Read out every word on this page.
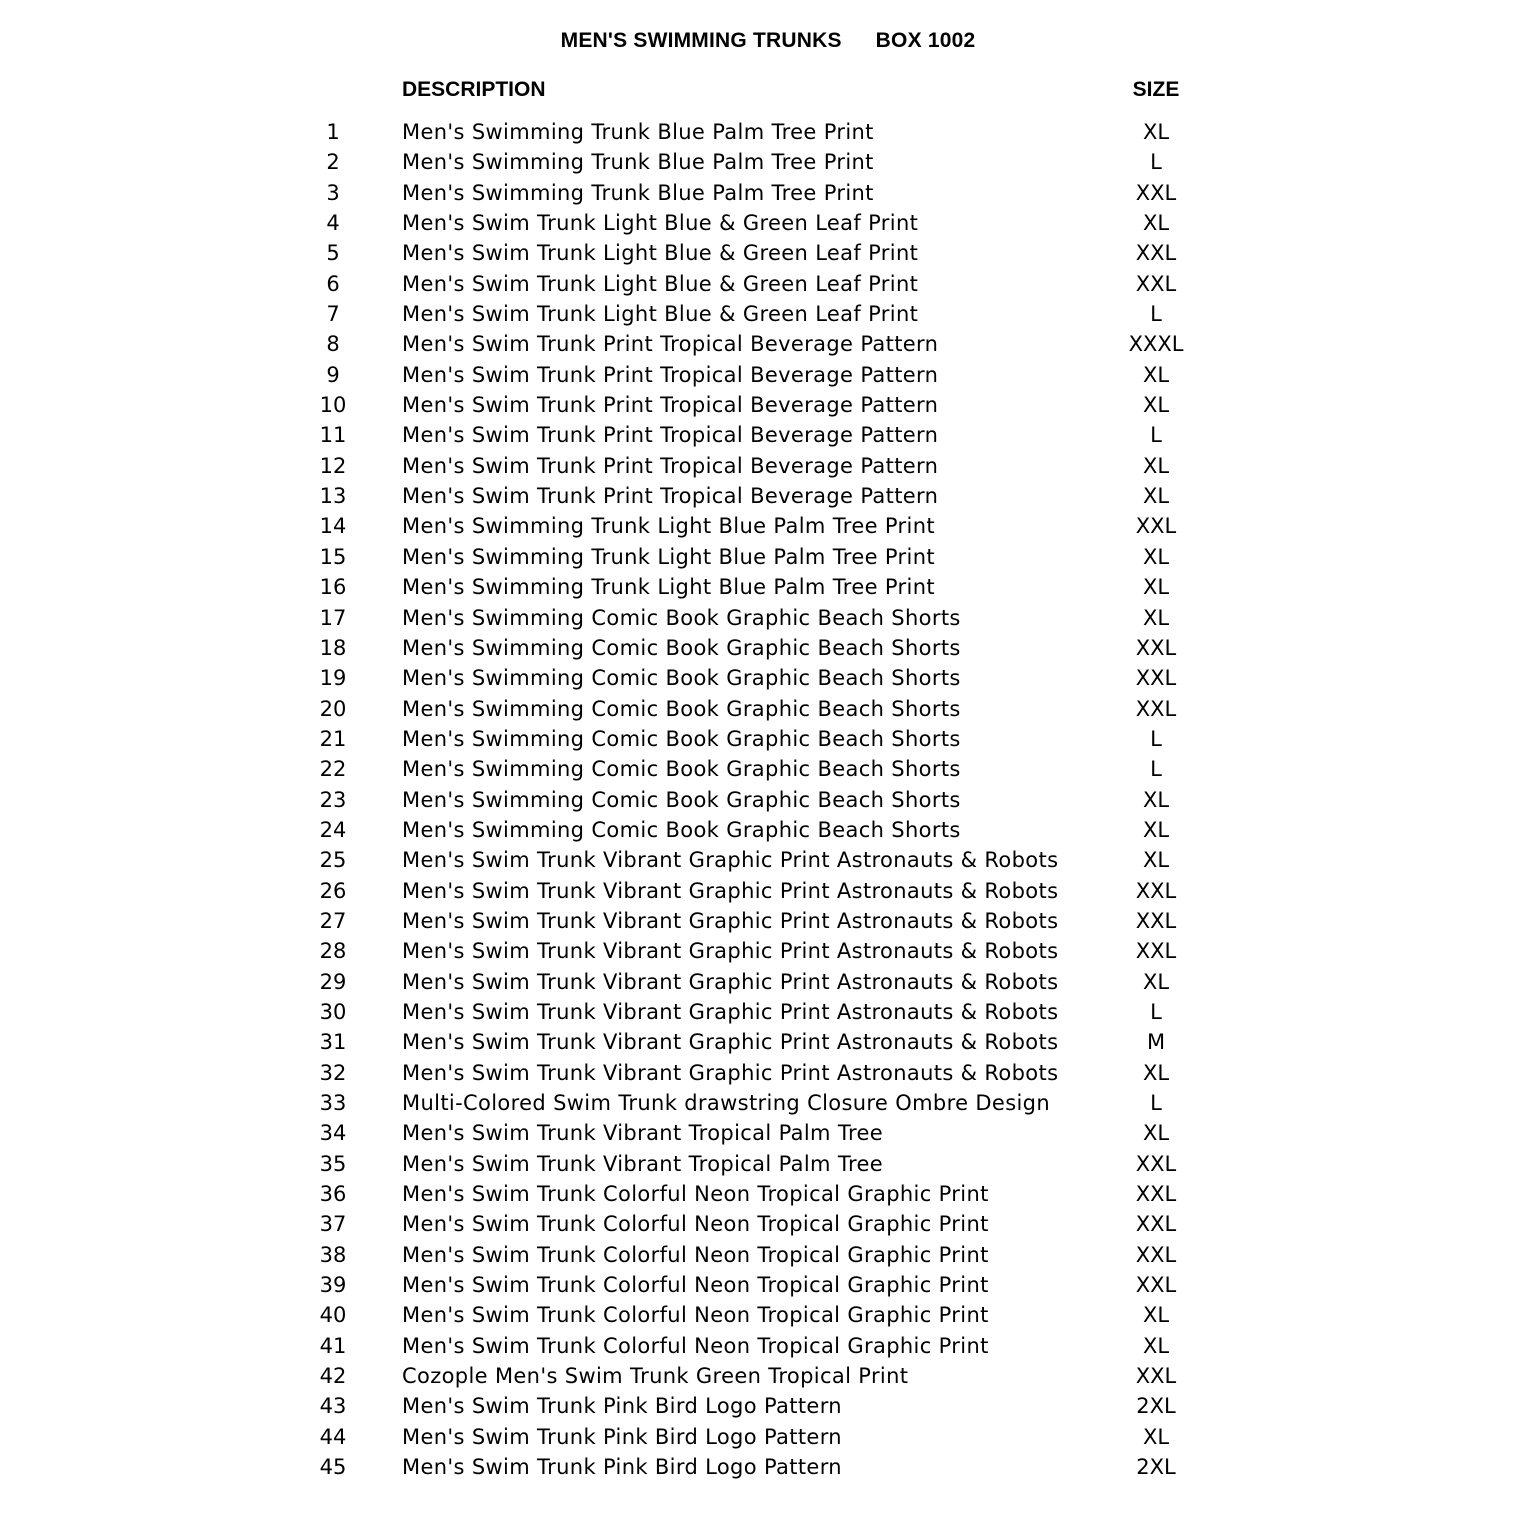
MEN'S SWIMMING TRUNKS BOX 1002
DESCRIPTION	SIZE
1	Men's Swimming Trunk Blue Palm Tree Print	XL
2	Men's Swimming Trunk Blue Palm Tree Print	L
3	Men's Swimming Trunk Blue Palm Tree Print	XXL
4	Men's Swim Trunk Light Blue & Green Leaf Print	XL
5	Men's Swim Trunk Light Blue & Green Leaf Print	XXL
6	Men's Swim Trunk Light Blue & Green Leaf Print	XXL
7	Men's Swim Trunk Light Blue & Green Leaf Print	L
8	Men's Swim Trunk Print Tropical Beverage Pattern	XXXL
9	Men's Swim Trunk Print Tropical Beverage Pattern	XL
10	Men's Swim Trunk Print Tropical Beverage Pattern	XL
11	Men's Swim Trunk Print Tropical Beverage Pattern	L
12	Men's Swim Trunk Print Tropical Beverage Pattern	XL
13	Men's Swim Trunk Print Tropical Beverage Pattern	XL
14	Men's Swimming Trunk Light Blue Palm Tree Print	XXL
15	Men's Swimming Trunk Light Blue Palm Tree Print	XL
16	Men's Swimming Trunk Light Blue Palm Tree Print	XL
17	Men's Swimming Comic Book Graphic Beach Shorts	XL
18	Men's Swimming Comic Book Graphic Beach Shorts	XXL
19	Men's Swimming Comic Book Graphic Beach Shorts	XXL
20	Men's Swimming Comic Book Graphic Beach Shorts	XXL
21	Men's Swimming Comic Book Graphic Beach Shorts	L
22	Men's Swimming Comic Book Graphic Beach Shorts	L
23	Men's Swimming Comic Book Graphic Beach Shorts	XL
24	Men's Swimming Comic Book Graphic Beach Shorts	XL
25	Men's Swim Trunk Vibrant Graphic Print Astronauts & Robots	XL
26	Men's Swim Trunk Vibrant Graphic Print Astronauts & Robots	XXL
27	Men's Swim Trunk Vibrant Graphic Print Astronauts & Robots	XXL
28	Men's Swim Trunk Vibrant Graphic Print Astronauts & Robots	XXL
29	Men's Swim Trunk Vibrant Graphic Print Astronauts & Robots	XL
30	Men's Swim Trunk Vibrant Graphic Print Astronauts & Robots	L
31	Men's Swim Trunk Vibrant Graphic Print Astronauts & Robots	M
32	Men's Swim Trunk Vibrant Graphic Print Astronauts & Robots	XL
33	Multi-Colored Swim Trunk drawstring Closure Ombre Design	L
34	Men's Swim Trunk Vibrant Tropical Palm Tree	XL
35	Men's Swim Trunk Vibrant Tropical Palm Tree	XXL
36	Men's Swim Trunk Colorful Neon Tropical Graphic Print	XXL
37	Men's Swim Trunk Colorful Neon Tropical Graphic Print	XXL
38	Men's Swim Trunk Colorful Neon Tropical Graphic Print	XXL
39	Men's Swim Trunk Colorful Neon Tropical Graphic Print	XXL
40	Men's Swim Trunk Colorful Neon Tropical Graphic Print	XL
41	Men's Swim Trunk Colorful Neon Tropical Graphic Print	XL
42	Cozople Men's Swim Trunk Green Tropical Print	XXL
43	Men's Swim Trunk Pink Bird Logo Pattern	2XL
44	Men's Swim Trunk Pink Bird Logo Pattern	XL
45	Men's Swim Trunk Pink Bird Logo Pattern	2XL
